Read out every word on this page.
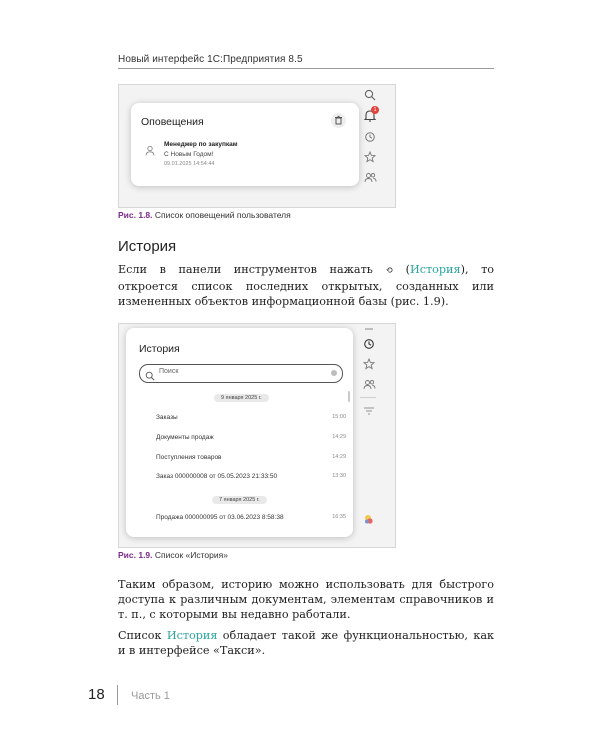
Новый интерфейс 1С:Предприятия 8.5
1
Оповещения
Менеджер по закупкам
С Новым Годом!
09.01.2025 14:54:44
Рис. 1.8. Список оповещений пользователя
История
Если в панели инструментов нажать ⟲ (История), то откроется список последних открытых, созданных или измененных объектов информационной базы (рис. 1.9).
История
Поиск
9 января 2025 г.
Заказы	15:00
Документы продаж	14:29
Поступления товаров	14:29
Заказ 000000008 от 05.05.2023 21:33:50	13:30
7 января 2025 г.
Продажа 000000095 от 03.06.2023 8:58:38	16:35
Рис. 1.9. Список «История»
Таким образом, историю можно использовать для быстрого доступа к различным документам, элементам справочников и т. п., с которыми вы недавно работали.
Список История обладает такой же функциональностью, как и в интерфейсе «Такси».
18 Часть 1
